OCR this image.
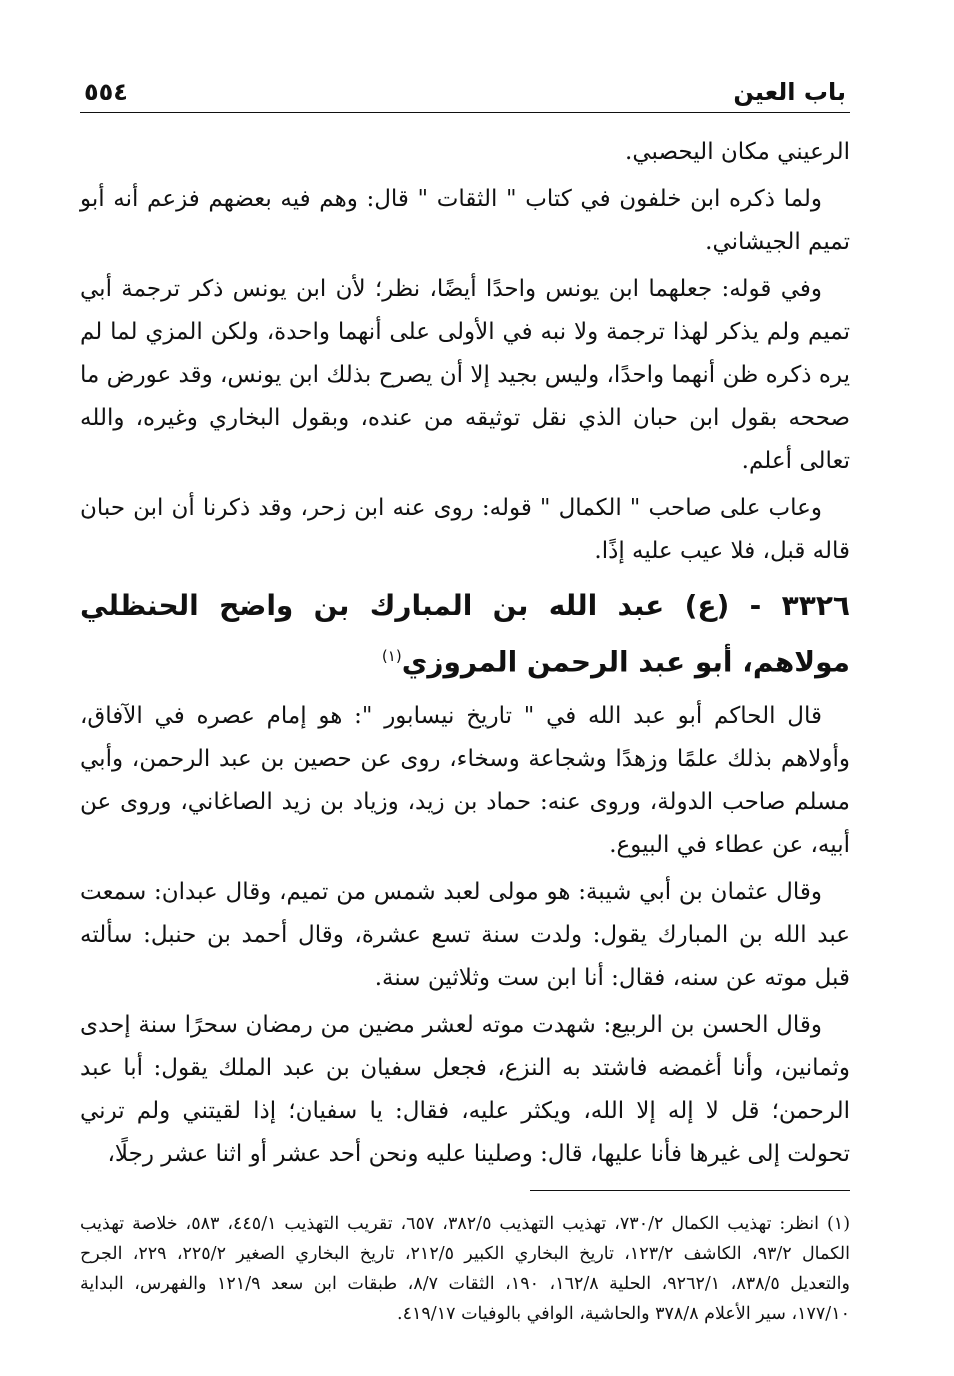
باب العين
٥٥٤

الرعيني مكان اليحصبي.

ولما ذكره ابن خلفون في كتاب " الثقات " قال: وهم فيه بعضهم فزعم أنه أبو تميم الجيشاني.

وفي قوله: جعلهما ابن يونس واحدًا أيضًا، نظر؛ لأن ابن يونس ذكر ترجمة أبي تميم ولم يذكر لهذا ترجمة ولا نبه في الأولى على أنهما واحدة، ولكن المزي لما لم يره ذكره ظن أنهما واحدًا، وليس بجيد إلا أن يصرح بذلك ابن يونس، وقد عورض ما صححه بقول ابن حبان الذي نقل توثيقه من عنده، وبقول البخاري وغيره، والله تعالى أعلم.

وعاب على صاحب " الكمال " قوله: روى عنه ابن زحر، وقد ذكرنا أن ابن حبان قاله قبل، فلا عيب عليه إذًا.

٣٣٢٦ - (ع) عبد الله بن المبارك بن واضح الحنظلي مولاهم، أبو عبد الرحمن المروزي$^{(١)}$

قال الحاكم أبو عبد الله في " تاريخ نيسابور ": هو إمام عصره في الآفاق، وأولاهم بذلك علمًا وزهدًا وشجاعة وسخاء، روى عن حصين بن عبد الرحمن، وأبي مسلم صاحب الدولة، وروى عنه: حماد بن زيد، وزياد بن زيد الصاغاني، وروى عن أبيه، عن عطاء في البيوع.

وقال عثمان بن أبي شيبة: هو مولى لعبد شمس من تميم، وقال عبدان: سمعت عبد الله بن المبارك يقول: ولدت سنة تسع عشرة، وقال أحمد بن حنبل: سألته قبل موته عن سنه، فقال: أنا ابن ست وثلاثين سنة.

وقال الحسن بن الربيع: شهدت موته لعشر مضين من رمضان سحرًا سنة إحدى وثمانين، وأنا أغمضه فاشتد به النزع، فجعل سفيان بن عبد الملك يقول: أبا عبد الرحمن؛ قل لا إله إلا الله، ويكثر عليه، فقال: يا سفيان؛ إذا لقيتني ولم ترني تحولت إلى غيرها فأنا عليها، قال: وصلينا عليه ونحن أحد عشر أو اثنا عشر رجلًا،

(١) انظر: تهذيب الكمال ٧٣٠/٢، تهذيب التهذيب ٣٨٢/٥، ٦٥٧، تقريب التهذيب ٤٤٥/١، ٥٨٣، خلاصة تهذيب الكمال ٩٣/٢، الكاشف ١٢٣/٢، تاريخ البخاري الكبير ٢١٢/٥، تاريخ البخاري الصغير ٢٢٥/٢، ٢٢٩، الجرح والتعديل ٨٣٨/٥، ٩٢٦٢/١، الحلية ١٦٢/٨، ١٩٠، الثقات ٨/٧، طبقات ابن سعد ١٢١/٩ والفهرس، البداية ١٧٧/١٠، سير الأعلام ٣٧٨/٨ والحاشية، الوافي بالوفيات ٤١٩/١٧.
